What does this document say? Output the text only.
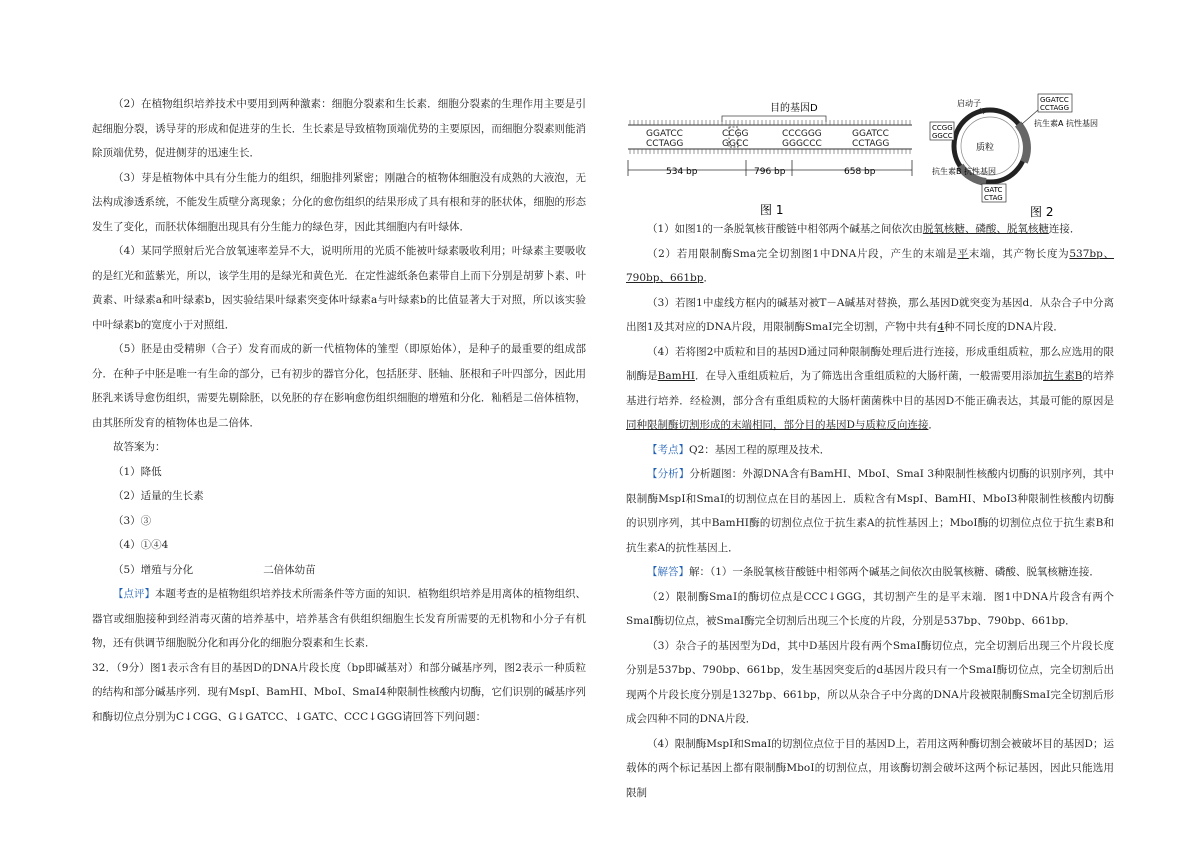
（2）在植物组织培养技术中要用到两种激素：细胞分裂素和生长素．细胞分裂素的生理作用主要是引起细胞分裂，诱导芽的形成和促进芽的生长．生长素是导致植物顶端优势的主要原因，而细胞分裂素则能消除顶端优势，促进侧芽的迅速生长．

（3）芽是植物体中具有分生能力的组织，细胞排列紧密；刚融合的植物体细胞没有成熟的大液泡，无法构成渗透系统，不能发生质壁分离现象；分化的愈伤组织的结果形成了具有根和芽的胚状体，细胞的形态发生了变化，而胚状体细胞出现具有分生能力的绿色芽，因此其细胞内有叶绿体．

（4）某同学照射后光合放氧速率差异不大，说明所用的光质不能被叶绿素吸收利用；叶绿素主要吸收的是红光和蓝紫光，所以，该学生用的是绿光和黄色光．在定性滤纸条色素带自上而下分别是胡萝卜素、叶黄素、叶绿素a和叶绿素b，因实验结果叶绿素突变体叶绿素a与叶绿素b的比值显著大于对照，所以该实验中叶绿素b的宽度小于对照组．

（5）胚是由受精卵（合子）发育而成的新一代植物体的雏型（即原始体），是种子的最重要的组成部分．在种子中胚是唯一有生命的部分，已有初步的器官分化，包括胚芽、胚轴、胚根和子叶四部分，因此用胚乳来诱导愈伤组织，需要先剔除胚，以免胚的存在影响愈伤组织细胞的增殖和分化．籼稻是二倍体植物，由其胚所发育的植物体也是二倍体．

故答案为：

（1）降低

（2）适量的生长素

（3）③

（4）①④4

（5）增殖与分化	二倍体幼苗

【点评】本题考查的是植物组织培养技术所需条件等方面的知识．植物组织培养是用离体的植物组织、器官或细胞接种到经消毒灭菌的培养基中，培养基含有供组织细胞生长发育所需要的无机物和小分子有机物，还有供调节细胞脱分化和再分化的细胞分裂素和生长素．

32．（9分）图1表示含有目的基因D的DNA片段长度（bp即碱基对）和部分碱基序列，图2表示一种质粒的结构和部分碱基序列．现有MspⅠ、BamHⅠ、MboⅠ、SmaⅠ4种限制性核酸内切酶，它们识别的碱基序列和酶切位点分别为C↓CGG、G↓GATCC、↓GATC、CCC↓GGG请回答下列问题：

目的基因D
GGATCC	CCGG	CCCGGG	GGATCC
CCTAGG	GGCC	GGGCCC	CCTAGG
534 bp	796 bp	658 bp
图 1
质粒
启动子	GGATCC
CCTAGG
抗生素A 抗性基因
CCGG
GGCC
抗生素B 抗性基因
GATC
CTAG
图 2

（1）如图1的一条脱氧核苷酸链中相邻两个碱基之间依次由脱氧核糖、磷酸、脱氧核糖连接．

（2）若用限制酶Sma完全切割图1中DNA片段，产生的末端是平末端，其产物长度为537bp、790bp、661bp．

（3）若图1中虚线方框内的碱基对被T－A碱基对替换，那么基因D就突变为基因d．从杂合子中分离出图1及其对应的DNA片段，用限制酶SmaⅠ完全切割，产物中共有4种不同长度的DNA片段．

（4）若将图2中质粒和目的基因D通过同种限制酶处理后进行连接，形成重组质粒，那么应选用的限制酶是BamHⅠ．在导入重组质粒后，为了筛选出含重组质粒的大肠杆菌，一般需要用添加抗生素B的培养基进行培养．经检测，部分含有重组质粒的大肠杆菌菌株中目的基因D不能正确表达，其最可能的原因是同种限制酶切割形成的末端相同，部分目的基因D与质粒反向连接．

【考点】Q2：基因工程的原理及技术．

【分析】分析题图：外源DNA含有BamHI、MboI、SmaI 3种限制性核酸内切酶的识别序列，其中限制酶MspⅠ和SmaⅠ的切割位点在目的基因上．质粒含有MspI、BamHI、MboI3种限制性核酸内切酶的识别序列，其中BamHI酶的切割位点位于抗生素A的抗性基因上；MboI酶的切割位点位于抗生素B和抗生素A的抗性基因上．

【解答】解：（1）一条脱氧核苷酸链中相邻两个碱基之间依次由脱氧核糖、磷酸、脱氧核糖连接．

（2）限制酶SmaⅠ的酶切位点是CCC↓GGG，其切割产生的是平末端．图1中DNA片段含有两个SmaⅠ酶切位点，被SmaⅠ酶完全切割后出现三个长度的片段，分别是537bp、790bp、661bp．

（3）杂合子的基因型为Dd，其中D基因片段有两个SmaⅠ酶切位点，完全切割后出现三个片段长度分别是537bp、790bp、661bp，发生基因突变后的d基因片段只有一个SmaⅠ酶切位点，完全切割后出现两个片段长度分别是1327bp、661bp，所以从杂合子中分离的DNA片段被限制酶SmaⅠ完全切割后形成会四种不同的DNA片段．

（4）限制酶MspⅠ和SmaⅠ的切割位点位于目的基因D上，若用这两种酶切割会被破坏目的基因D；运载体的两个标记基因上都有限制酶MboⅠ的切割位点，用该酶切割会破坏这两个标记基因，因此只能选用限制
